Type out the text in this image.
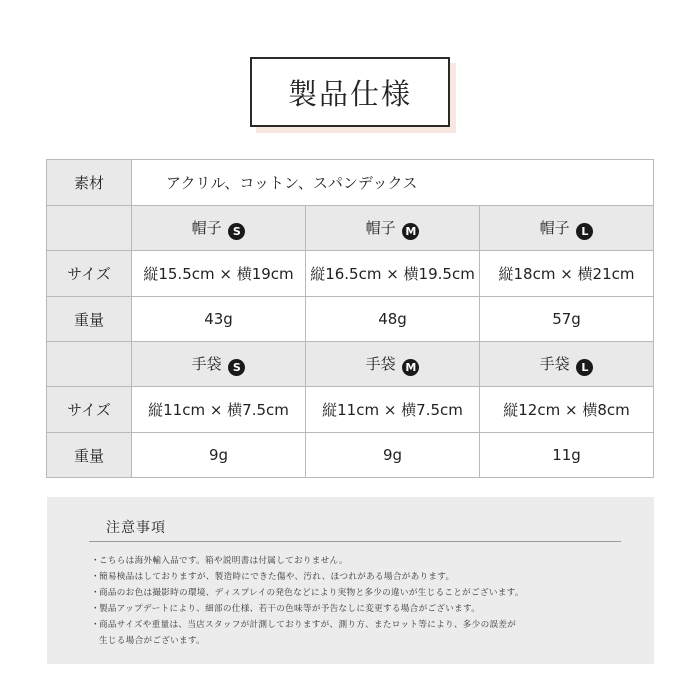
製品仕様
素材	アクリル、コットン、スパンデックス		
	帽子 S	帽子 M	帽子 L
サイズ	縦15.5cm × 横19cm	縦16.5cm × 横19.5cm	縦18cm × 横21cm
重量	43g	48g	57g
	手袋 S	手袋 M	手袋 L
サイズ	縦11cm × 横7.5cm	縦11cm × 横7.5cm	縦12cm × 横8cm
重量	9g	9g	11g
注意事項
・こちらは海外輸入品です。箱や説明書は付属しておりません。
・簡易検品はしておりますが、製造時にできた傷や、汚れ、ほつれがある場合があります。
・商品のお色は撮影時の環境、ディスプレイの発色などにより実物と多少の違いが生じることがございます。
・製品アップデートにより、細部の仕様、若干の色味等が予告なしに変更する場合がございます。
・商品サイズや重量は、当店スタッフが計測しておりますが、測り方、またロット等により、多少の誤差が
生じる場合がございます。
